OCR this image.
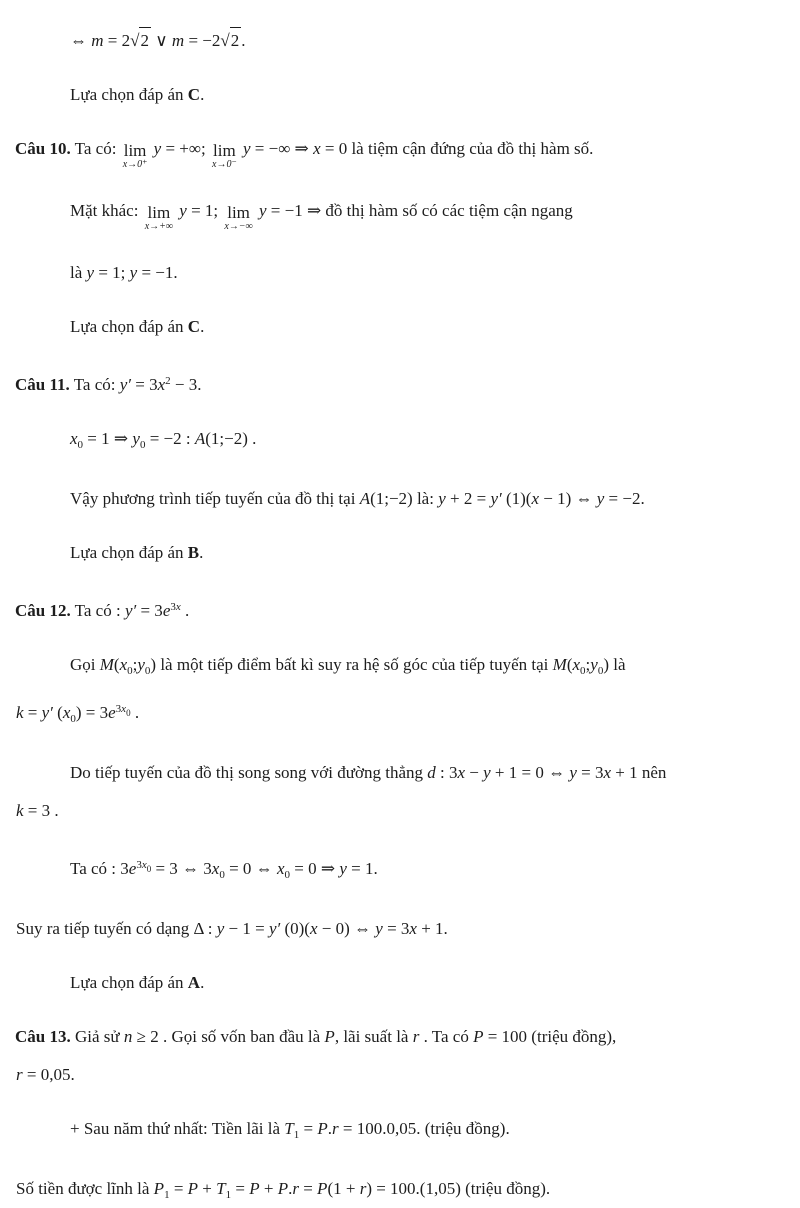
⇔ m = 2√2 ∨ m = −2√2 .
Lựa chọn đáp án C.
Câu 10. Ta có: lim
x→0⁺
y = +∞; lim
x→0⁻
y = −∞ ⇒ x = 0 là tiệm cận đứng của đồ thị hàm số.
Mặt khác: lim
x→+∞
y = 1; lim
x→−∞
y = −1 ⇒ đồ thị hàm số có các tiệm cận ngang
là y = 1; y = −1.
Lựa chọn đáp án C.
Câu 11. Ta có: $y' = 3x^2 - 3$.
$x_0 = 1$ ⇒ $y_0 = -2$ : A(1;−2) .
Vậy phương trình tiếp tuyến của đồ thị tại A(1;−2) là: y + 2 = y′ (1)(x − 1) ⇔ y = −2.
Lựa chọn đáp án B.
Câu 12. Ta có : $y' = 3e^{3x}$ .
Gọi $M(x_0;y_0)$ là một tiếp điểm bất kì suy ra hệ số góc của tiếp tuyến tại $M(x_0;y_0)$ là
k = y′ $(x_0) = 3e^{3x}0$ .
Do tiếp tuyến của đồ thị song song với đường thẳng d : 3x − y + 1 = 0 ⇔ y = 3x + 1 nên
k = 3 .
Ta có : $3e^{3x}0 = 3$ ⇔ $3x_0 = 0$ ⇔ $x_0 = 0$ ⇒ y = 1.
Suy ra tiếp tuyến có dạng Δ : y − 1 = y′ (0)(x − 0) ⇔ y = 3x + 1.
Lựa chọn đáp án A.
Câu 13. Giả sử n ≥ 2 . Gọi số vốn ban đầu là P, lãi suất là r . Ta có P = 100 (triệu đồng),
r = 0,05.
+ Sau năm thứ nhất: Tiền lãi là $T_1 = P.r = 100.0,05$. (triệu đồng).
Số tiền được lĩnh là $P_1 = P + T_1 = P + P.r = P(1 + r) = 100.(1,05)$ (triệu đồng).
